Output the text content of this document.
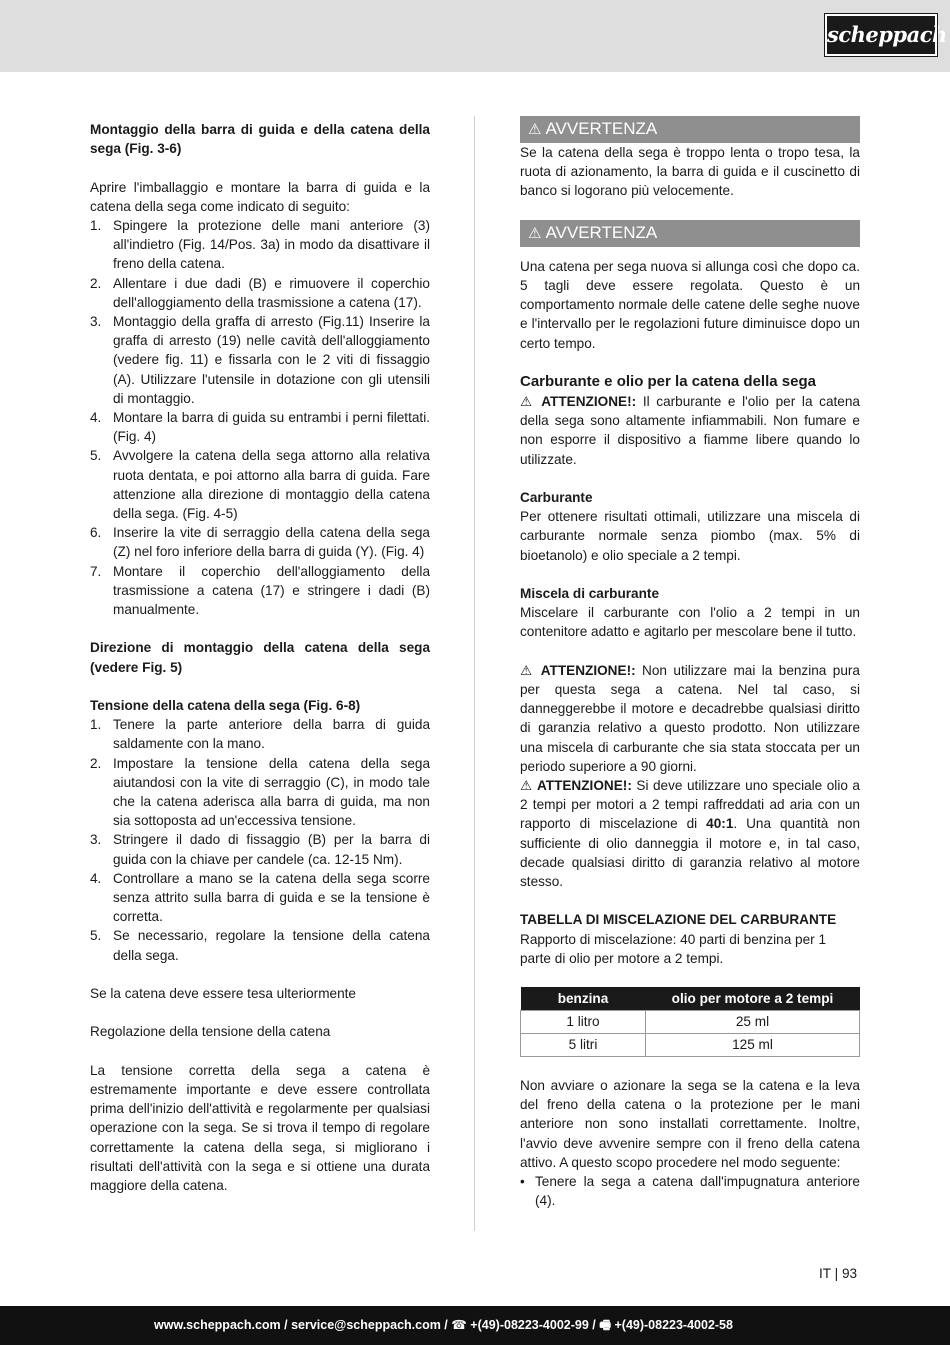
scheppach

Montaggio della barra di guida e della catena della sega (Fig. 3-6)

Aprire l'imballaggio e montare la barra di guida e la catena della sega come indicato di seguito:

1. Spingere la protezione delle mani anteriore (3) all'indietro (Fig. 14/Pos. 3a) in modo da disattivare il freno della catena.
2. Allentare i due dadi (B) e rimuovere il coperchio dell'alloggiamento della trasmissione a catena (17).
3. Montaggio della graffa di arresto (Fig.11) Inserire la graffa di arresto (19) nelle cavità dell'alloggiamento (vedere fig. 11) e fissarla con le 2 viti di fissaggio (A). Utilizzare l'utensile in dotazione con gli utensili di montaggio.
4. Montare la barra di guida su entrambi i perni filettati. (Fig. 4)
5. Avvolgere la catena della sega attorno alla relativa ruota dentata, e poi attorno alla barra di guida. Fare attenzione alla direzione di montaggio della catena della sega. (Fig. 4-5)
6. Inserire la vite di serraggio della catena della sega (Z) nel foro inferiore della barra di guida (Y). (Fig. 4)
7. Montare il coperchio dell'alloggiamento della trasmissione a catena (17) e stringere i dadi (B) manualmente.

Direzione di montaggio della catena della sega (vedere Fig. 5)

Tensione della catena della sega (Fig. 6-8)

1. Tenere la parte anteriore della barra di guida saldamente con la mano.
2. Impostare la tensione della catena della sega aiutandosi con la vite di serraggio (C), in modo tale che la catena aderisca alla barra di guida, ma non sia sottoposta ad un'eccessiva tensione.
3. Stringere il dado di fissaggio (B) per la barra di guida con la chiave per candele (ca. 12-15 Nm).
4. Controllare a mano se la catena della sega scorre senza attrito sulla barra di guida e se la tensione è corretta.
5. Se necessario, regolare la tensione della catena della sega.

Se la catena deve essere tesa ulteriormente

Regolazione della tensione della catena

La tensione corretta della sega a catena è estremamente importante e deve essere controllata prima dell'inizio dell'attività e regolarmente per qualsiasi operazione con la sega. Se si trova il tempo di regolare correttamente la catena della sega, si migliorano i risultati dell'attività con la sega e si ottiene una durata maggiore della catena.

⚠ AVVERTENZA

Se la catena della sega è troppo lenta o tropo tesa, la ruota di azionamento, la barra di guida e il cuscinetto di banco si logorano più velocemente.

⚠ AVVERTENZA

Una catena per sega nuova si allunga così che dopo ca. 5 tagli deve essere regolata. Questo è un comportamento normale delle catene delle seghe nuove e l'intervallo per le regolazioni future diminuisce dopo un certo tempo.

Carburante e olio per la catena della sega

⚠ ATTENZIONE!: Il carburante e l'olio per la catena della sega sono altamente infiammabili. Non fumare e non esporre il dispositivo a fiamme libere quando lo utilizzate.

Carburante

Per ottenere risultati ottimali, utilizzare una miscela di carburante normale senza piombo (max. 5% di bioetanolo) e olio speciale a 2 tempi.

Miscela di carburante

Miscelare il carburante con l'olio a 2 tempi in un contenitore adatto e agitarlo per mescolare bene il tutto.

⚠ ATTENZIONE!: Non utilizzare mai la benzina pura per questa sega a catena. Nel tal caso, si danneggerebbe il motore e decadrebbe qualsiasi diritto di garanzia relativo a questo prodotto. Non utilizzare una miscela di carburante che sia stata stoccata per un periodo superiore a 90 giorni.

⚠ ATTENZIONE!: Si deve utilizzare uno speciale olio a 2 tempi per motori a 2 tempi raffreddati ad aria con un rapporto di miscelazione di 40:1. Una quantità non sufficiente di olio danneggia il motore e, in tal caso, decade qualsiasi diritto di garanzia relativo al motore stesso.

TABELLA DI MISCELAZIONE DEL CARBURANTE

Rapporto di miscelazione: 40 parti di benzina per 1 parte di olio per motore a 2 tempi.

benzina	olio per motore a 2 tempi
1 litro	25 ml
5 litri	125 ml

Non avviare o azionare la sega se la catena e la leva del freno della catena o la protezione per le mani anteriore non sono installati correttamente. Inoltre, l'avvio deve avvenire sempre con il freno della catena attivo. A questo scopo procedere nel modo seguente:

• Tenere la sega a catena dall'impugnatura anteriore (4).
IT | 93
www.scheppach.com / service@scheppach.com / ☎ +(49)-08223-4002-99 / 🖷 +(49)-08223-4002-58
